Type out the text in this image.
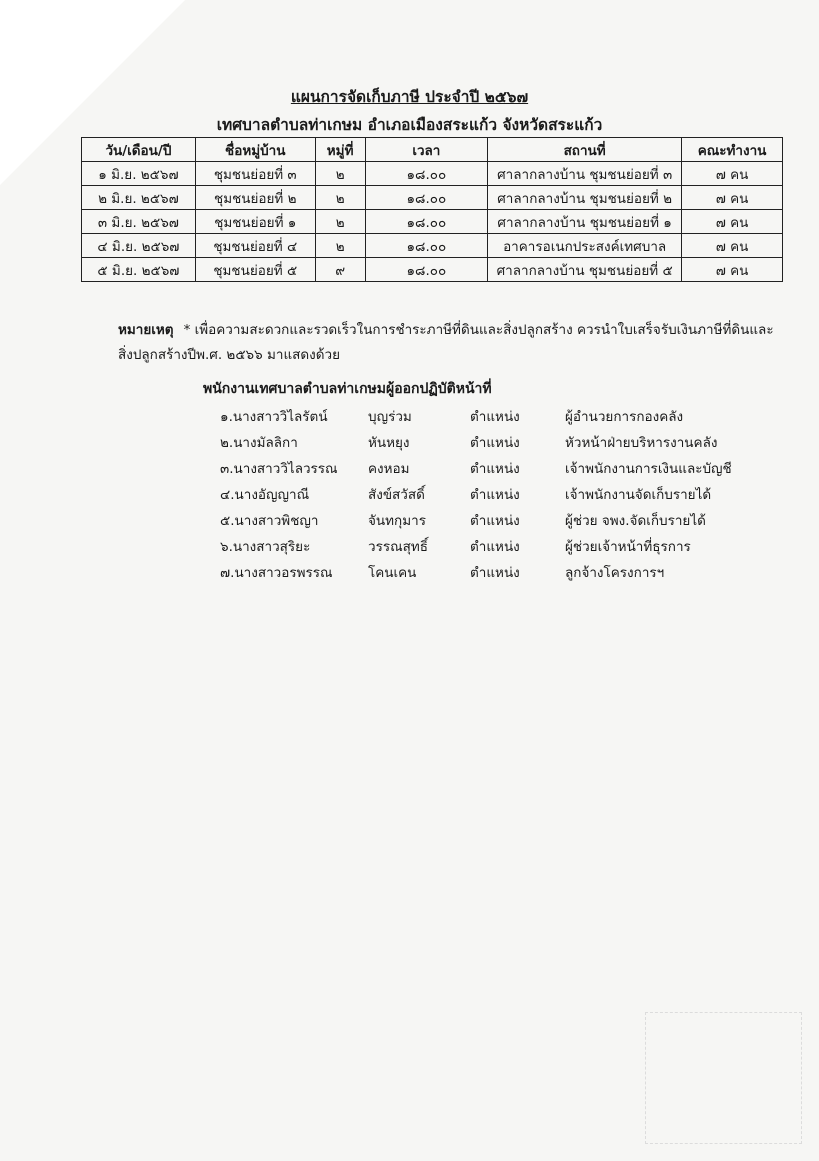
แผนการจัดเก็บภาษี ประจำปี ๒๕๖๗
เทศบาลตำบลท่าเกษม อำเภอเมืองสระแก้ว จังหวัดสระแก้ว
วัน/เดือน/ปี	ชื่อหมู่บ้าน	หมู่ที่	เวลา	สถานที่	คณะทำงาน
๑ มิ.ย. ๒๕๖๗	ชุมชนย่อยที่ ๓	๒	๑๘.๐๐	ศาลากลางบ้าน ชุมชนย่อยที่ ๓	๗ คน
๒ มิ.ย. ๒๕๖๗	ชุมชนย่อยที่ ๒	๒	๑๘.๐๐	ศาลากลางบ้าน ชุมชนย่อยที่ ๒	๗ คน
๓ มิ.ย. ๒๕๖๗	ชุมชนย่อยที่ ๑	๒	๑๘.๐๐	ศาลากลางบ้าน ชุมชนย่อยที่ ๑	๗ คน
๔ มิ.ย. ๒๕๖๗	ชุมชนย่อยที่ ๔	๒	๑๘.๐๐	อาคารอเนกประสงค์เทศบาล	๗ คน
๕ มิ.ย. ๒๕๖๗	ชุมชนย่อยที่ ๕	๙	๑๘.๐๐	ศาลากลางบ้าน ชุมชนย่อยที่ ๕	๗ คน
หมายเหตุ * เพื่อความสะดวกและรวดเร็วในการชำระภาษีที่ดินและสิ่งปลูกสร้าง ควรนำใบเสร็จรับเงินภาษีที่ดินและสิ่งปลูกสร้างปีพ.ศ. ๒๕๖๖ มาแสดงด้วย
พนักงานเทศบาลตำบลท่าเกษมผู้ออกปฏิบัติหน้าที่
๑.นางสาววิไลรัตน์	บุญร่วม	ตำแหน่ง	ผู้อำนวยการกองคลัง
๒.นางมัลลิกา	หันหยุง	ตำแหน่ง	หัวหน้าฝ่ายบริหารงานคลัง
๓.นางสาววิไลวรรณ คงหอม	ตำแหน่ง	เจ้าพนักงานการเงินและบัญชี
๔.นางอัญญาณี	สังข์สวัสดิ์	ตำแหน่ง	เจ้าพนักงานจัดเก็บรายได้
๕.นางสาวพิชญา	จันทกุมาร	ตำแหน่ง	ผู้ช่วย จพง.จัดเก็บรายได้
๖.นางสาวสุริยะ	วรรณสุทธิ์	ตำแหน่ง	ผู้ช่วยเจ้าหน้าที่ธุรการ
๗.นางสาวอรพรรณ	โคนเคน	ตำแหน่ง	ลูกจ้างโครงการฯ
